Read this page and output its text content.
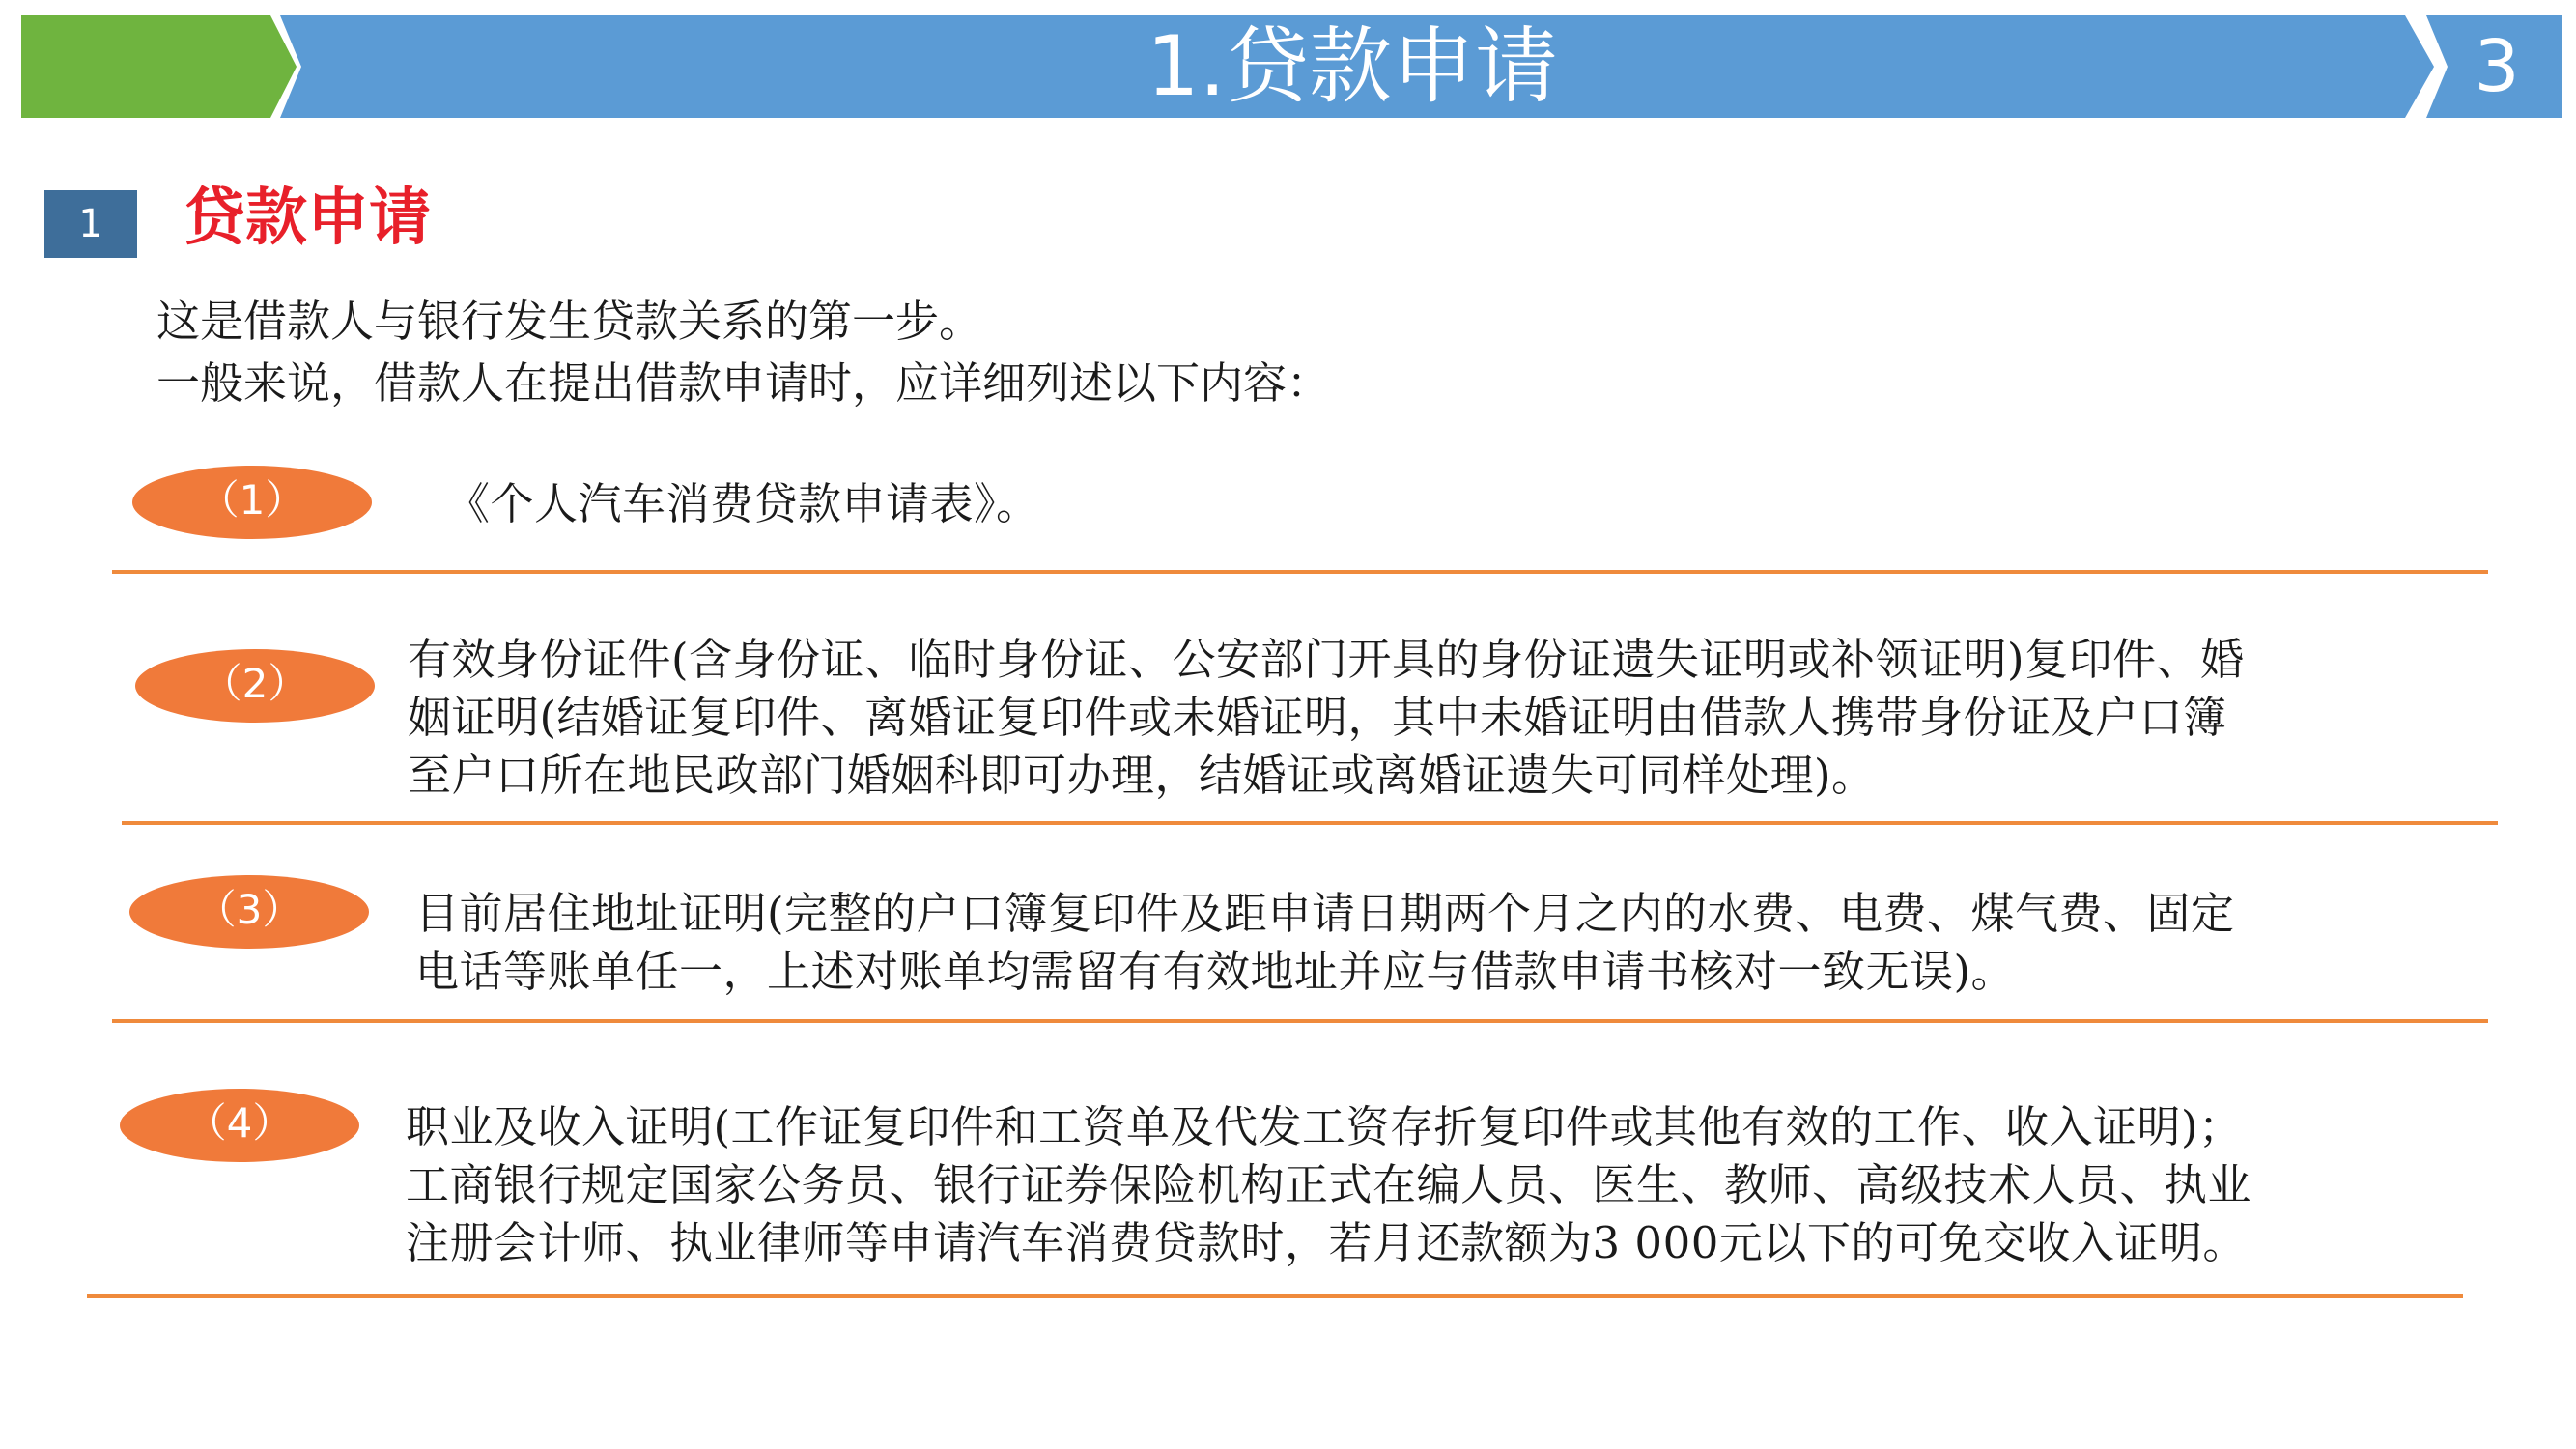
1.贷款申请	3
1	贷款申请
这是借款人与银行发生贷款关系的第一步。
一般来说，借款人在提出借款申请时，应详细列述以下内容：
（1）	《个人汽车消费贷款申请表》。
（2）	有效身份证件(含身份证、临时身份证、公安部门开具的身份证遗失证明或补领证明)复印件、婚
姻证明(结婚证复印件、离婚证复印件或未婚证明，其中未婚证明由借款人携带身份证及户口簿
至户口所在地民政部门婚姻科即可办理，结婚证或离婚证遗失可同样处理)。
（3）	目前居住地址证明(完整的户口簿复印件及距申请日期两个月之内的水费、电费、煤气费、固定
电话等账单任一，上述对账单均需留有有效地址并应与借款申请书核对一致无误)。
（4）	职业及收入证明(工作证复印件和工资单及代发工资存折复印件或其他有效的工作、收入证明)；
工商银行规定国家公务员、银行证券保险机构正式在编人员、医生、教师、高级技术人员、执业
注册会计师、执业律师等申请汽车消费贷款时，若月还款额为3 000元以下的可免交收入证明。
